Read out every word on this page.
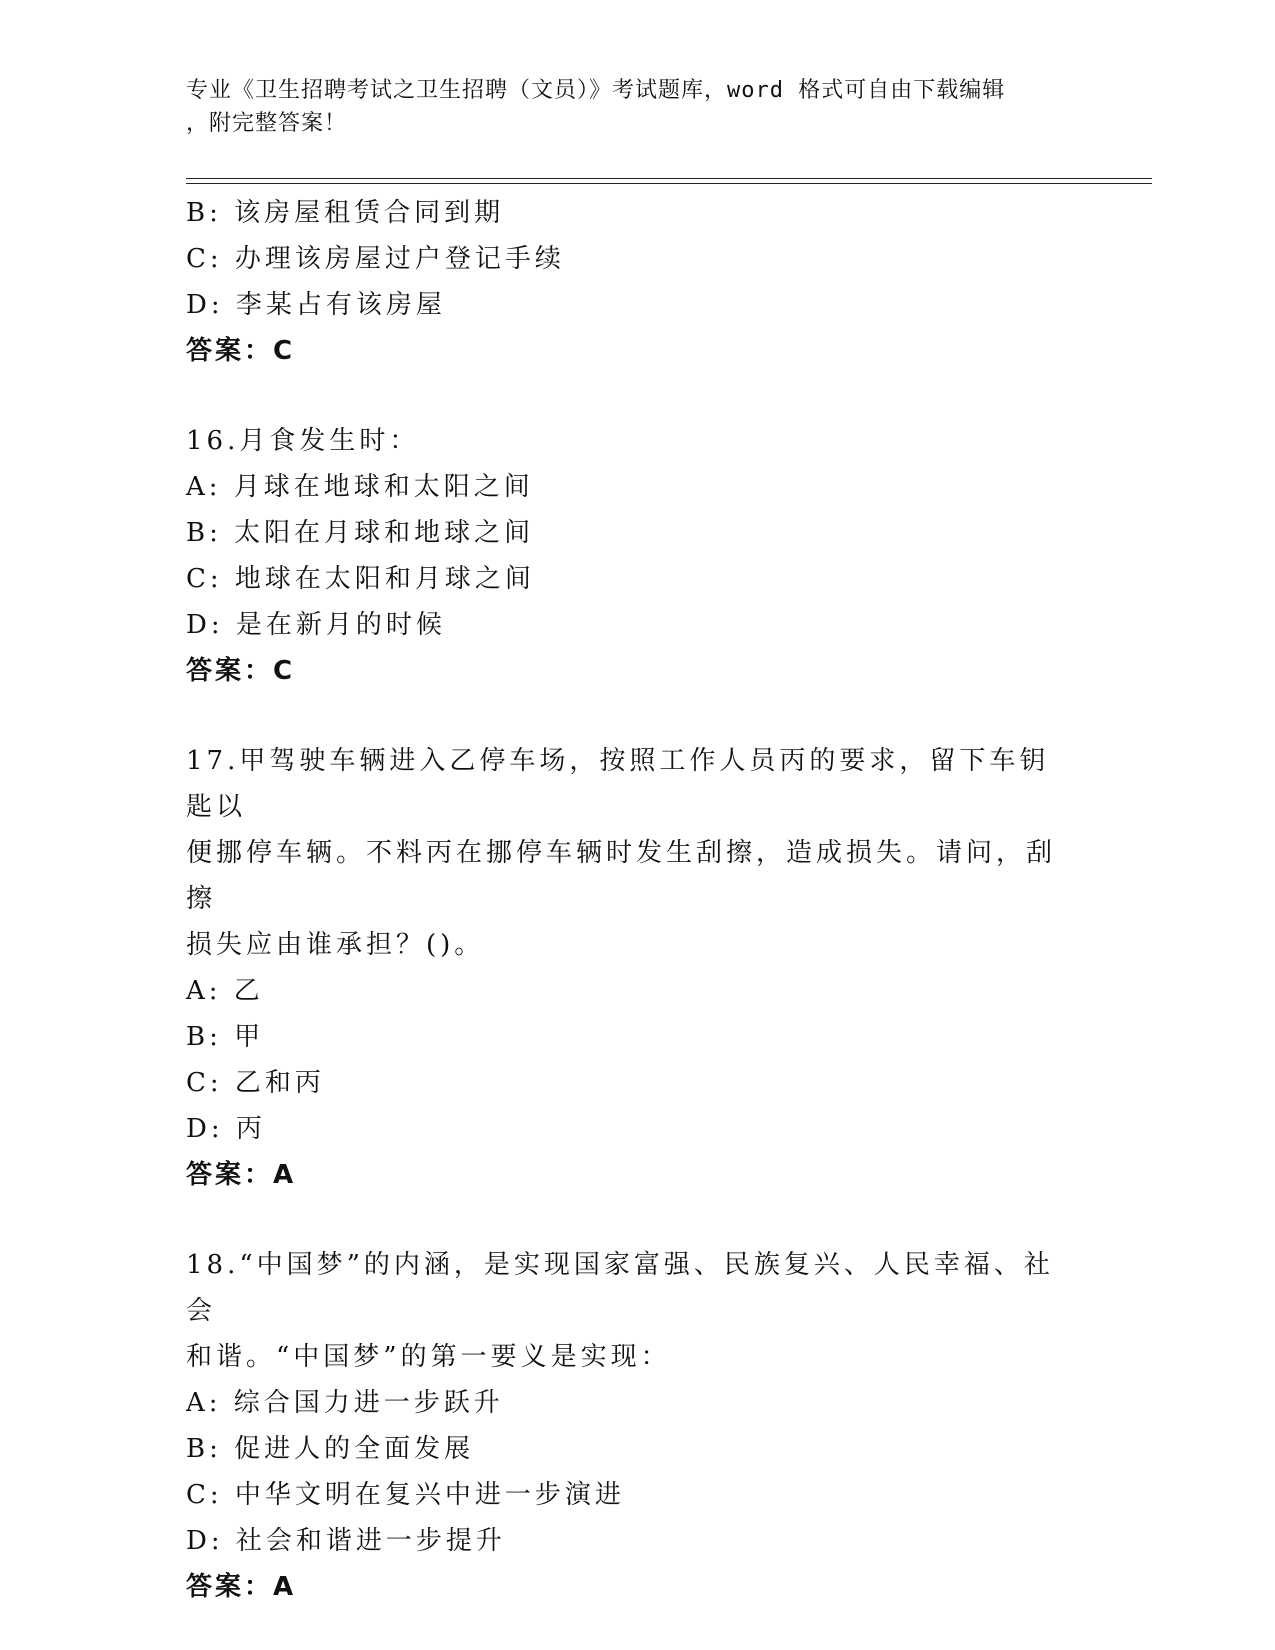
专业《卫生招聘考试之卫生招聘（文员）》考试题库，word 格式可自由下载编辑
，附完整答案！
B: 该房屋租赁合同到期
C: 办理该房屋过户登记手续
D: 李某占有该房屋
答案：C
16.月食发生时：
A: 月球在地球和太阳之间
B: 太阳在月球和地球之间
C: 地球在太阳和月球之间
D: 是在新月的时候
答案：C
17.甲驾驶车辆进入乙停车场，按照工作人员丙的要求，留下车钥匙以
便挪停车辆。不料丙在挪停车辆时发生刮擦，造成损失。请问，刮擦
损失应由谁承担？()。
A: 乙
B: 甲
C: 乙和丙
D: 丙
答案：A
18.“中国梦”的内涵，是实现国家富强、民族复兴、人民幸福、社会
和谐。“中国梦”的第一要义是实现：
A: 综合国力进一步跃升
B: 促进人的全面发展
C: 中华文明在复兴中进一步演进
D: 社会和谐进一步提升
答案：A
